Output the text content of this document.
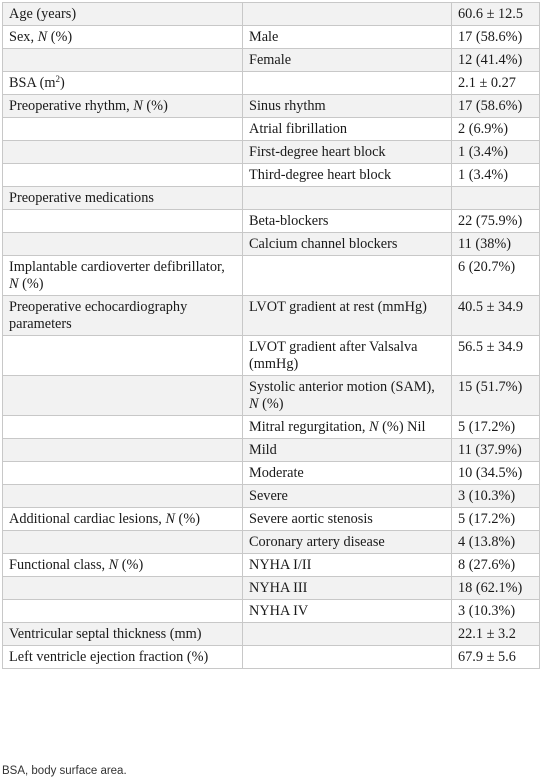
Age (years)		60.6 ± 12.5
Sex, N (%)	Male	17 (58.6%)
	Female	12 (41.4%)
BSA $(m^2)$		2.1 ± 0.27
Preoperative rhythm, N (%)	Sinus rhythm	17 (58.6%)
	Atrial fibrillation	2 (6.9%)
	First-degree heart block	1 (3.4%)
	Third-degree heart block	1 (3.4%)
Preoperative medications		
	Beta-blockers	22 (75.9%)
	Calcium channel blockers	11 (38%)
Implantable cardioverter defibrillator, N (%)		6 (20.7%)
Preoperative echocardiography parameters	LVOT gradient at rest (mmHg)	40.5 ± 34.9
	LVOT gradient after Valsalva (mmHg)	56.5 ± 34.9
	Systolic anterior motion (SAM), N (%)	15 (51.7%)
	Mitral regurgitation, N (%) Nil	5 (17.2%)
	Mild	11 (37.9%)
	Moderate	10 (34.5%)
	Severe	3 (10.3%)
Additional cardiac lesions, N (%)	Severe aortic stenosis	5 (17.2%)
	Coronary artery disease	4 (13.8%)
Functional class, N (%)	NYHA I/II	8 (27.6%)
	NYHA III	18 (62.1%)
	NYHA IV	3 (10.3%)
Ventricular septal thickness (mm)		22.1 ± 3.2
Left ventricle ejection fraction (%)		67.9 ± 5.6
BSA, body surface area.
